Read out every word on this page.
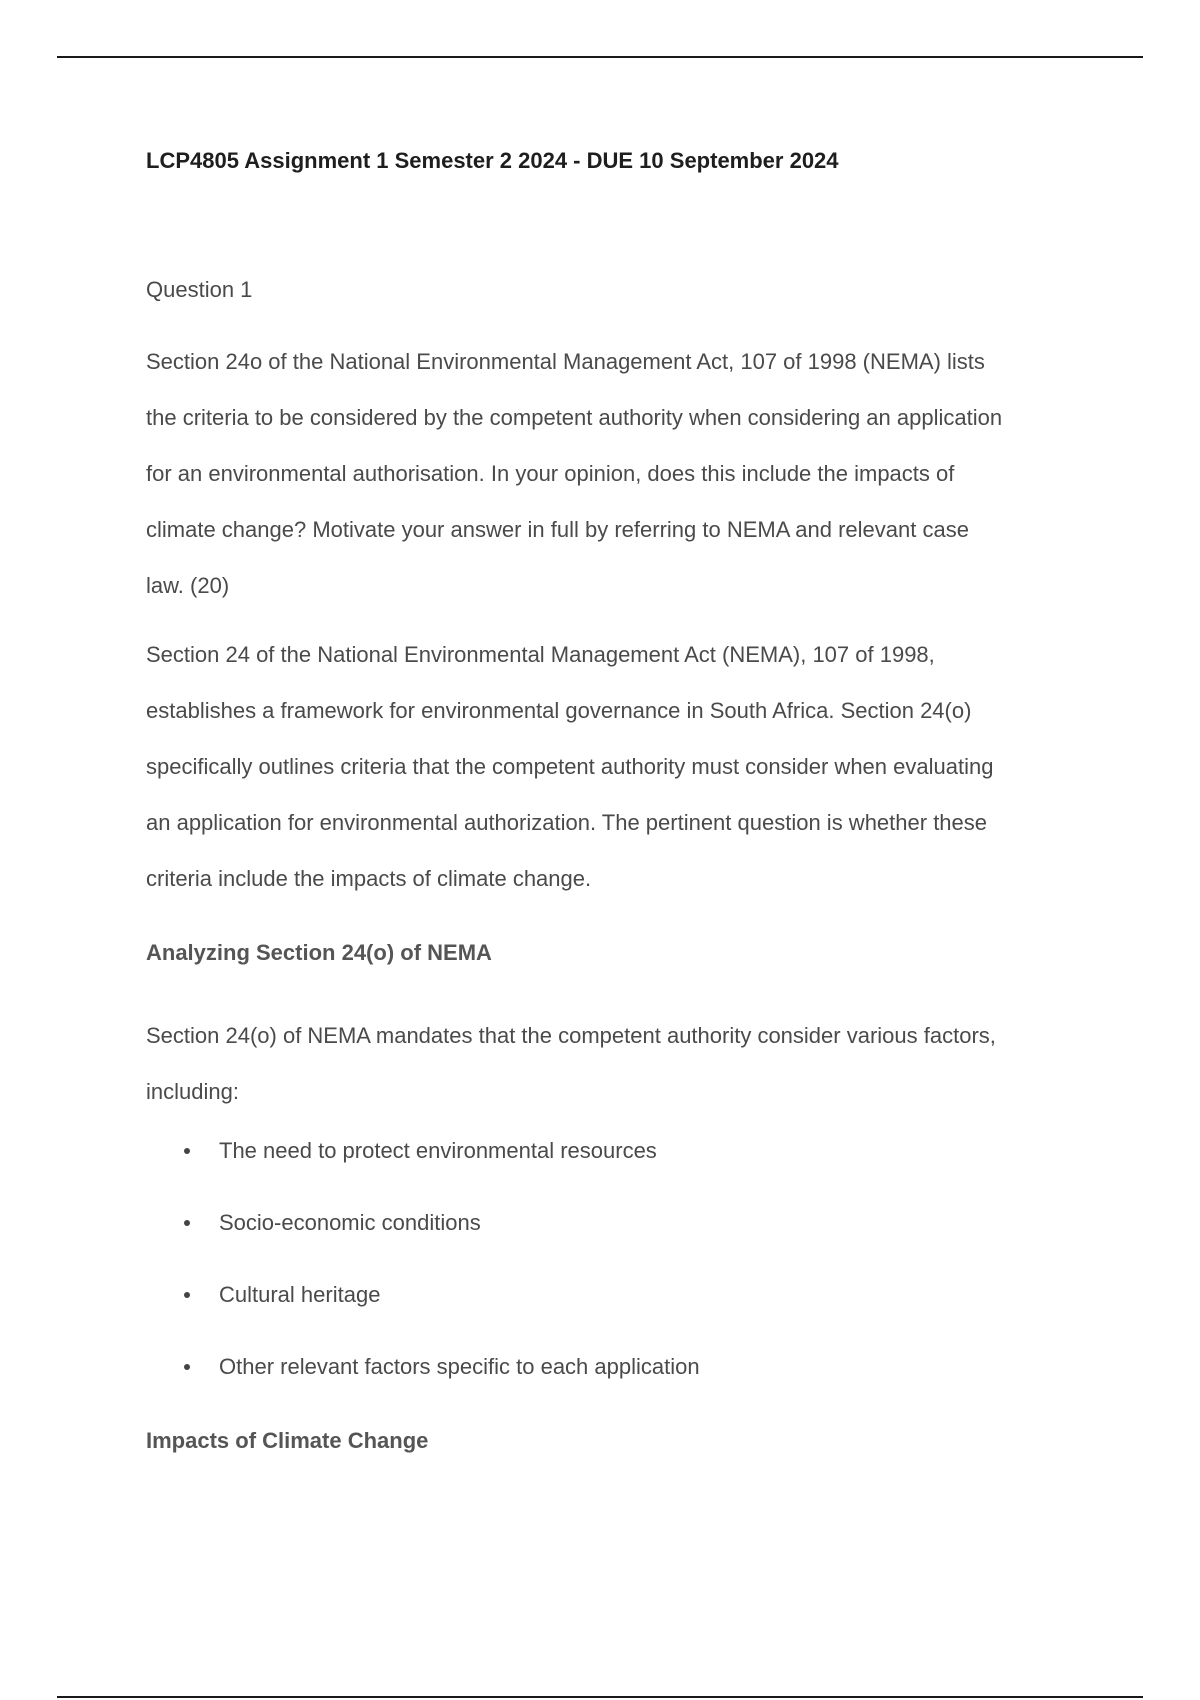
LCP4805 Assignment 1 Semester 2 2024 - DUE 10 September 2024

Question 1

Section 24o of the National Environmental Management Act, 107 of 1998 (NEMA) lists
the criteria to be considered by the competent authority when considering an application
for an environmental authorisation. In your opinion, does this include the impacts of
climate change? Motivate your answer in full by referring to NEMA and relevant case
law. (20)

Section 24 of the National Environmental Management Act (NEMA), 107 of 1998,
establishes a framework for environmental governance in South Africa. Section 24(o)
specifically outlines criteria that the competent authority must consider when evaluating
an application for environmental authorization. The pertinent question is whether these
criteria include the impacts of climate change.

Analyzing Section 24(o) of NEMA

Section 24(o) of NEMA mandates that the competent authority consider various factors,
including:

The need to protect environmental resources
Socio-economic conditions
Cultural heritage
Other relevant factors specific to each application
Impacts of Climate Change
